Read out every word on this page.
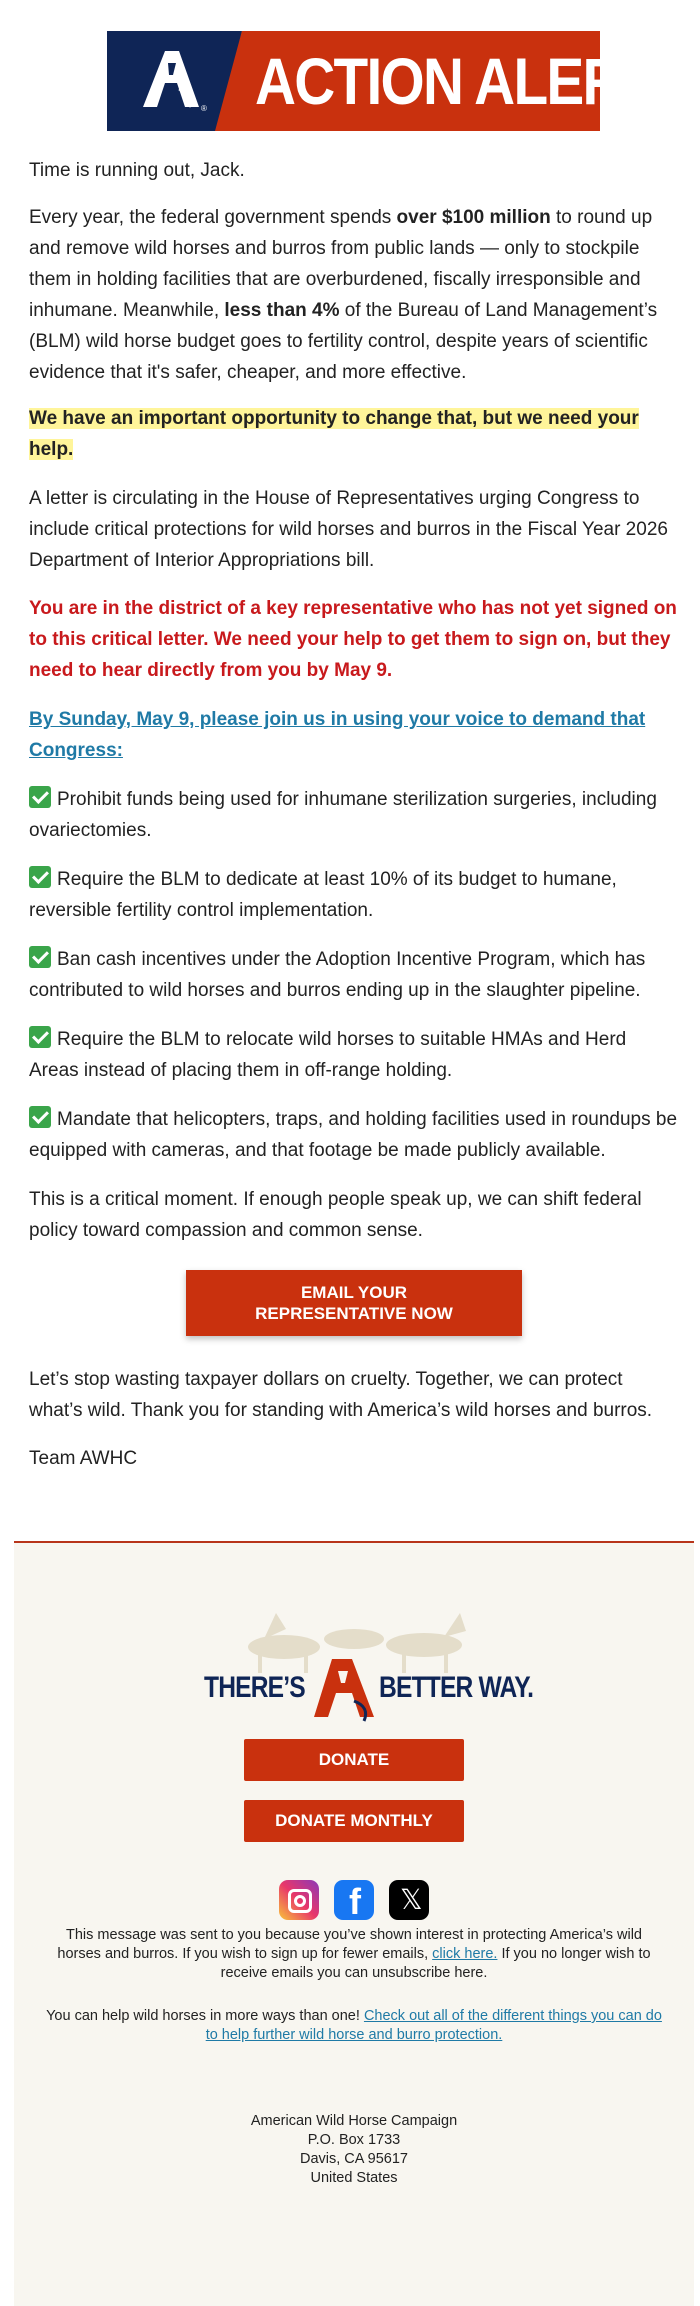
® ACTION ALERT

Time is running out, Jack.

Every year, the federal government spends over $100 million to round up and remove wild horses and burros from public lands — only to stockpile them in holding facilities that are overburdened, fiscally irresponsible and inhumane. Meanwhile, less than 4% of the Bureau of Land Management’s (BLM) wild horse budget goes to fertility control, despite years of scientific evidence that it's safer, cheaper, and more effective.

We have an important opportunity to change that, but we need your help.

A letter is circulating in the House of Representatives urging Congress to include critical protections for wild horses and burros in the Fiscal Year 2026 Department of Interior Appropriations bill.

You are in the district of a key representative who has not yet signed on to this critical letter. We need your help to get them to sign on, but they need to hear directly from you by May 9.

By Sunday, May 9, please join us in using your voice to demand that Congress:

Prohibit funds being used for inhumane sterilization surgeries, including ovariectomies.

Require the BLM to dedicate at least 10% of its budget to humane, reversible fertility control implementation.

Ban cash incentives under the Adoption Incentive Program, which has contributed to wild horses and burros ending up in the slaughter pipeline.

Require the BLM to relocate wild horses to suitable HMAs and Herd Areas instead of placing them in off-range holding.

Mandate that helicopters, traps, and holding facilities used in roundups be equipped with cameras, and that footage be made publicly available.

This is a critical moment. If enough people speak up, we can shift federal policy toward compassion and common sense.

EMAIL YOUR REPRESENTATIVE NOW

Let’s stop wasting taxpayer dollars on cruelty. Together, we can protect what’s wild. Thank you for standing with America’s wild horses and burros.

Team AWHC

THERE’S BETTER WAY.
DONATE
DONATE MONTHLY
f 𝕏
This message was sent to you because you’ve shown interest in protecting America’s wild horses and burros. If you wish to sign up for fewer emails, click here. If you no longer wish to receive emails you can unsubscribe here.
You can help wild horses in more ways than one! Check out all of the different things you can do to help further wild horse and burro protection.
American Wild Horse Campaign
P.O. Box 1733
Davis, CA 95617
United States
